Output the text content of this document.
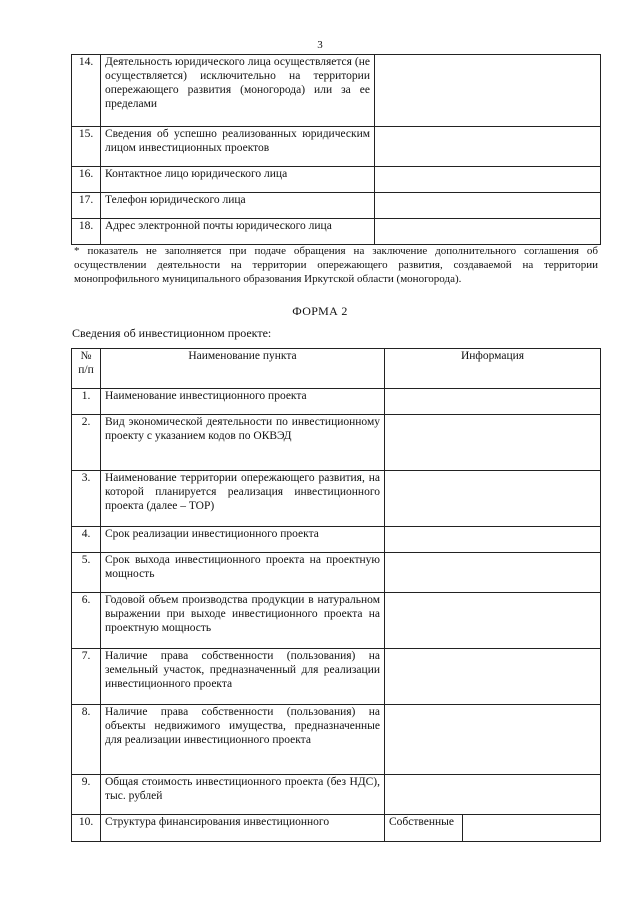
3
14.	Деятельность юридического лица осуществляется (не осуществляется) исключительно на территории опережающего развития (моногорода) или за ее пределами	
15.	Сведения об успешно реализованных юридическим лицом инвестиционных проектов	
16.	Контактное лицо юридического лица	
17.	Телефон юридического лица	
18.	Адрес электронной почты юридического лица	
* показатель не заполняется при подаче обращения на заключение дополнительного соглашения об осуществлении деятельности на территории опережающего развития, создаваемой на территории монопрофильного муниципального образования Иркутской области (моногорода).
ФОРМА 2
Сведения об инвестиционном проекте:
№ п/п	Наименование пункта	Информация	
1.	Наименование инвестиционного проекта		
2.	Вид экономической деятельности по инвестиционному проекту с указанием кодов по ОКВЭД		
3.	Наименование территории опережающего развития, на которой планируется реализация инвестиционного проекта (далее – ТОР)		
4.	Срок реализации инвестиционного проекта		
5.	Срок выхода инвестиционного проекта на проектную мощность		
6.	Годовой объем производства продукции в натуральном выражении при выходе инвестиционного проекта на проектную мощность		
7.	Наличие права собственности (пользования) на земельный участок, предназначенный для реализации инвестиционного проекта		
8.	Наличие права собственности (пользования) на объекты недвижимого имущества, предназначенные для реализации инвестиционного проекта		
9.	Общая стоимость инвестиционного проекта (без НДС), тыс. рублей		
10.	Структура финансирования инвестиционного	Собственные	
